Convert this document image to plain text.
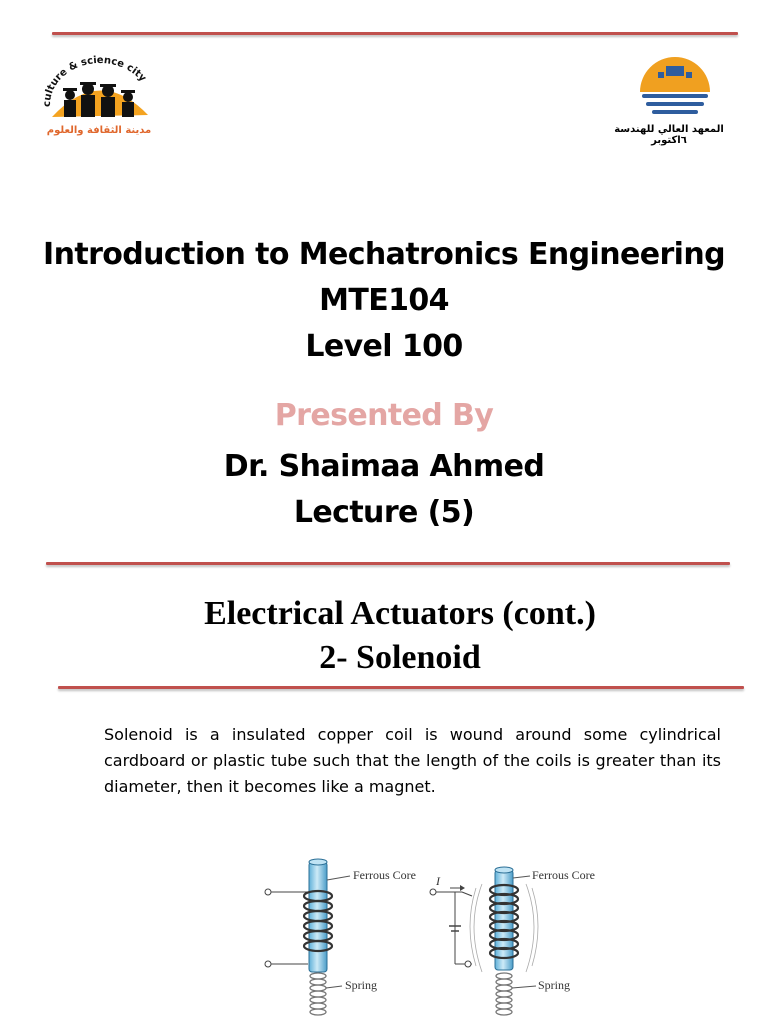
culture & science city
مدينة الثقافة والعلوم	المعهد العالي للهندسة ٦اكتوبر
Introduction to Mechatronics Engineering
MTE104
Level 100
Presented By
Dr. Shaimaa Ahmed
Lecture (5)
Electrical Actuators (cont.)
2- Solenoid
Solenoid is a insulated copper coil is wound around some cylindrical cardboard or plastic tube such that the length of the coils is greater than its diameter, then it becomes like a magnet.
Ferrous Core
Spring
Ferrous Core
Spring
I
